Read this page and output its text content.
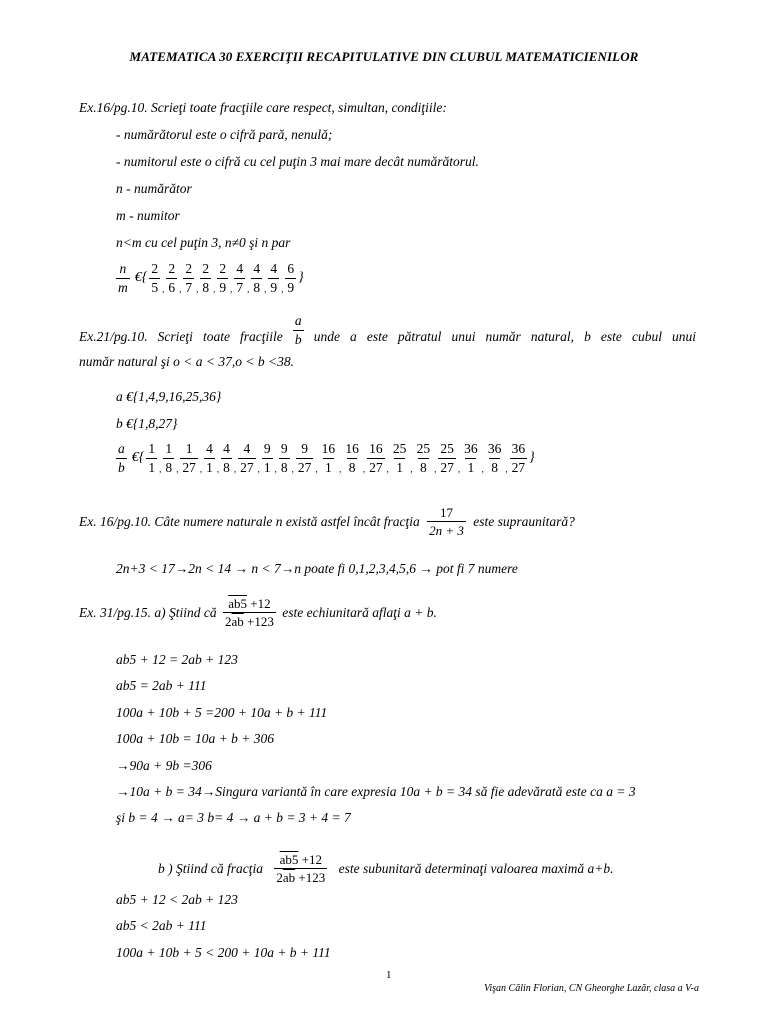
MATEMATICA 30 EXERCIŢII RECAPITULATIVE DIN CLUBUL MATEMATICIENILOR
Ex.16/pg.10. Scrieţi toate fracţiile care respect, simultan, condiţiile:
- numărătorul este o cifră pară, nenulă;
- numitorul este o cifră cu cel puţin 3 mai mare decât numărătorul.
n - numărător
m - numitor
n<m cu cel puţin 3, n≠0 şi n par
$\frac{n}{m}$ €{ $\frac{2}{5}$ , $\frac{2}{6}$ , $\frac{2}{7}$ , $\frac{2}{8}$ , $\frac{2}{9}$ , $\frac{4}{7}$ , $\frac{4}{8}$ , $\frac{4}{9}$ , $\frac{6}{9}$ }
Ex.21/pg.10. Scrieţi toate fracţiile $\frac{a}{b}$ unde a este pătratul unui număr natural, b este cubul unui
număr natural şi o < a < 37,o < b <38.
a €{1,4,9,16,25,36}
b €{1,8,27}
$\frac{a}{b}$ €{ $\frac{1}{1}$ , $\frac{1}{8}$ , $\frac{1}{27}$ , $\frac{4}{1}$ , $\frac{4}{8}$ , $\frac{4}{27}$ , $\frac{9}{1}$ , $\frac{9}{8}$ , $\frac{9}{27}$ , $\frac{16}{1}$ , $\frac{16}{8}$ , $\frac{16}{27}$ , $\frac{25}{1}$ , $\frac{25}{8}$ , $\frac{25}{27}$ , $\frac{36}{1}$ , $\frac{36}{8}$ , $\frac{36}{27}$ }
Ex. 16/pg.10. Câte numere naturale n există astfel încât fracţia $\frac{17}{2n + 3}$ este supraunitară?
2n+3 < 17→2n < 14 → n < 7→n poate fi 0,1,2,3,4,5,6 → pot fi 7 numere
Ex. 31/pg.15. a) Ştiind că $\frac{ab5 +12}{2\overline{ab} +123}$ este echiunitară aflaţi a + b.
ab5 + 12 = 2ab + 123
ab5 = 2ab + 111
100a + 10b + 5 =200 + 10a + b + 111
100a + 10b = 10a + b + 306
→90a + 9b =306
→10a + b = 34→Singura variantă în care expresia 10a + b = 34 să fie adevărată este ca a = 3
şi b = 4 → a= 3 b= 4 → a + b = 3 + 4 = 7
b ) Ştiind că fracţia $\frac{ab5 +12}{2\overline{ab} +123}$ este subunitară determinaţi valoarea maximă a+b.
ab5 + 12 < 2ab + 123
ab5 < 2ab + 111
100a + 10b + 5 < 200 + 10a + b + 111
1
Vişan Călin Florian, CN Gheorghe Lazăr, clasa a V-a
